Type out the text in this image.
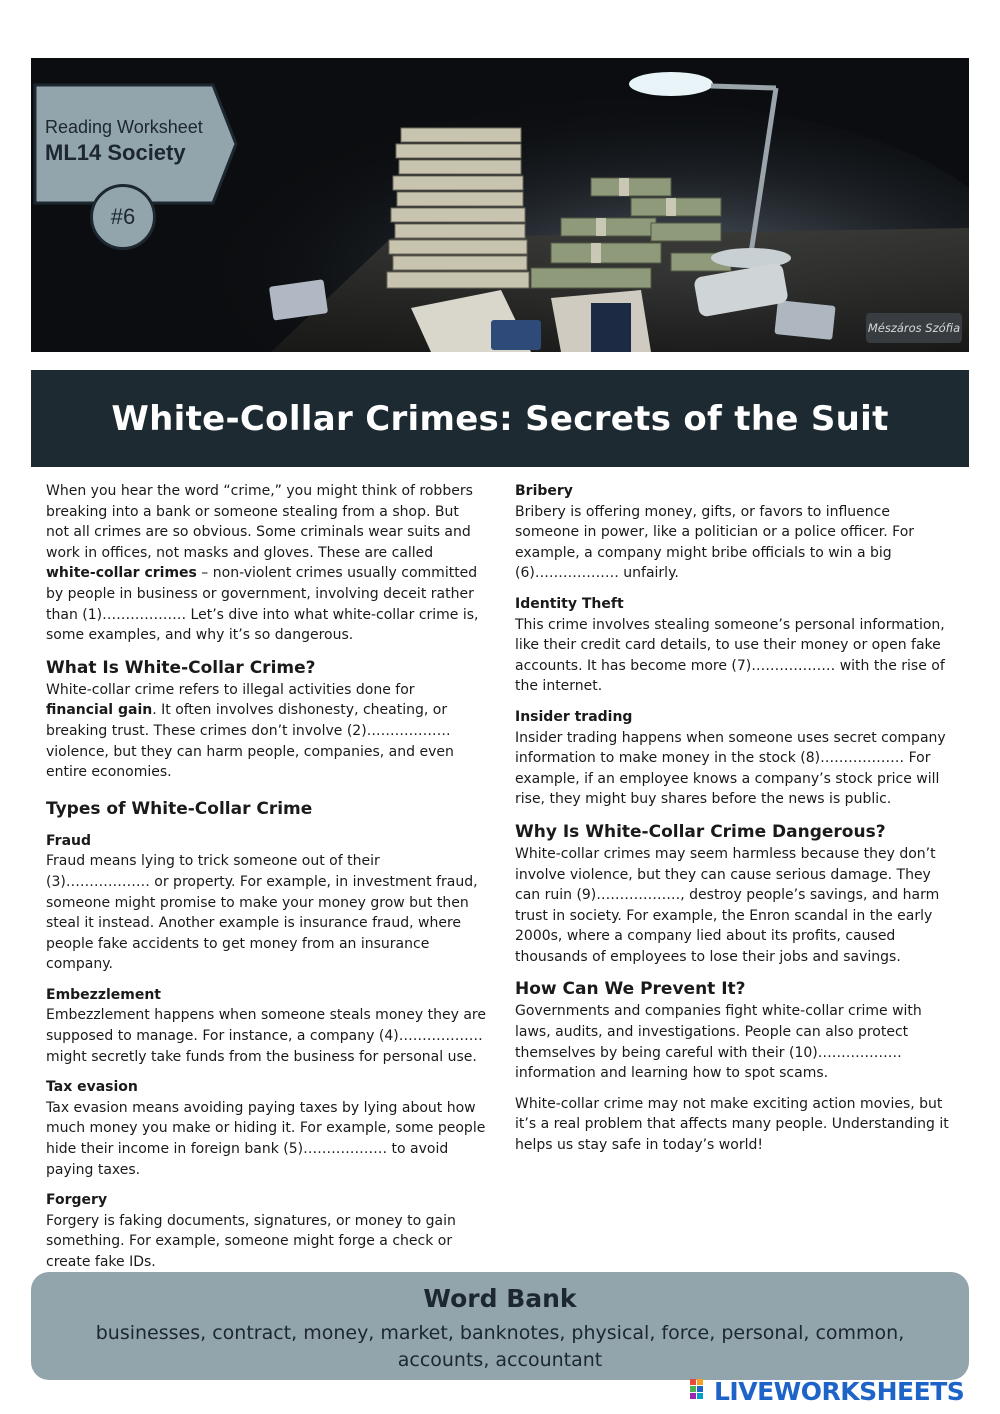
Reading Worksheet
ML14 Society
#6
Mészáros Szófia
White-Collar Crimes: Secrets of the Suit

When you hear the word “crime,” you might think of robbers breaking into a bank or someone stealing from a shop. But not all crimes are so obvious. Some criminals wear suits and work in offices, not masks and gloves. These are called white-collar crimes – non-violent crimes usually committed by people in business or government, involving deceit rather than (1)……………… Let’s dive into what white-collar crime is, some examples, and why it’s so dangerous.

What Is White-Collar Crime?

White-collar crime refers to illegal activities done for financial gain. It often involves dishonesty, cheating, or breaking trust. These crimes don’t involve (2)……………… violence, but they can harm people, companies, and even entire economies.

Types of White-Collar Crime
Fraud

Fraud means lying to trick someone out of their (3)……………… or property. For example, in investment fraud, someone might promise to make your money grow but then steal it instead. Another example is insurance fraud, where people fake accidents to get money from an insurance company.

Embezzlement

Embezzlement happens when someone steals money they are supposed to manage. For instance, a company (4)……………… might secretly take funds from the business for personal use.

Tax evasion

Tax evasion means avoiding paying taxes by lying about how much money you make or hiding it. For example, some people hide their income in foreign bank (5)……………… to avoid paying taxes.

Forgery

Forgery is faking documents, signatures, or money to gain something. For example, someone might forge a check or create fake IDs.

Bribery

Bribery is offering money, gifts, or favors to influence someone in power, like a politician or a police officer. For example, a company might bribe officials to win a big (6)……………… unfairly.

Identity Theft

This crime involves stealing someone’s personal information, like their credit card details, to use their money or open fake accounts. It has become more (7)……………… with the rise of the internet.

Insider trading

Insider trading happens when someone uses secret company information to make money in the stock (8)……………… For example, if an employee knows a company’s stock price will rise, they might buy shares before the news is public.

Why Is White-Collar Crime Dangerous?

White-collar crimes may seem harmless because they don’t involve violence, but they can cause serious damage. They can ruin (9)………………, destroy people’s savings, and harm trust in society. For example, the Enron scandal in the early 2000s, where a company lied about its profits, caused thousands of employees to lose their jobs and savings.

How Can We Prevent It?

Governments and companies fight white-collar crime with laws, audits, and investigations. People can also protect themselves by being careful with their (10)……………… information and learning how to spot scams.

White-collar crime may not make exciting action movies, but it’s a real problem that affects many people. Understanding it helps us stay safe in today’s world!

Word Bank
businesses, contract, money, market, banknotes, physical, force, personal, common, accounts, accountant
LIVEWORKSHEETS
